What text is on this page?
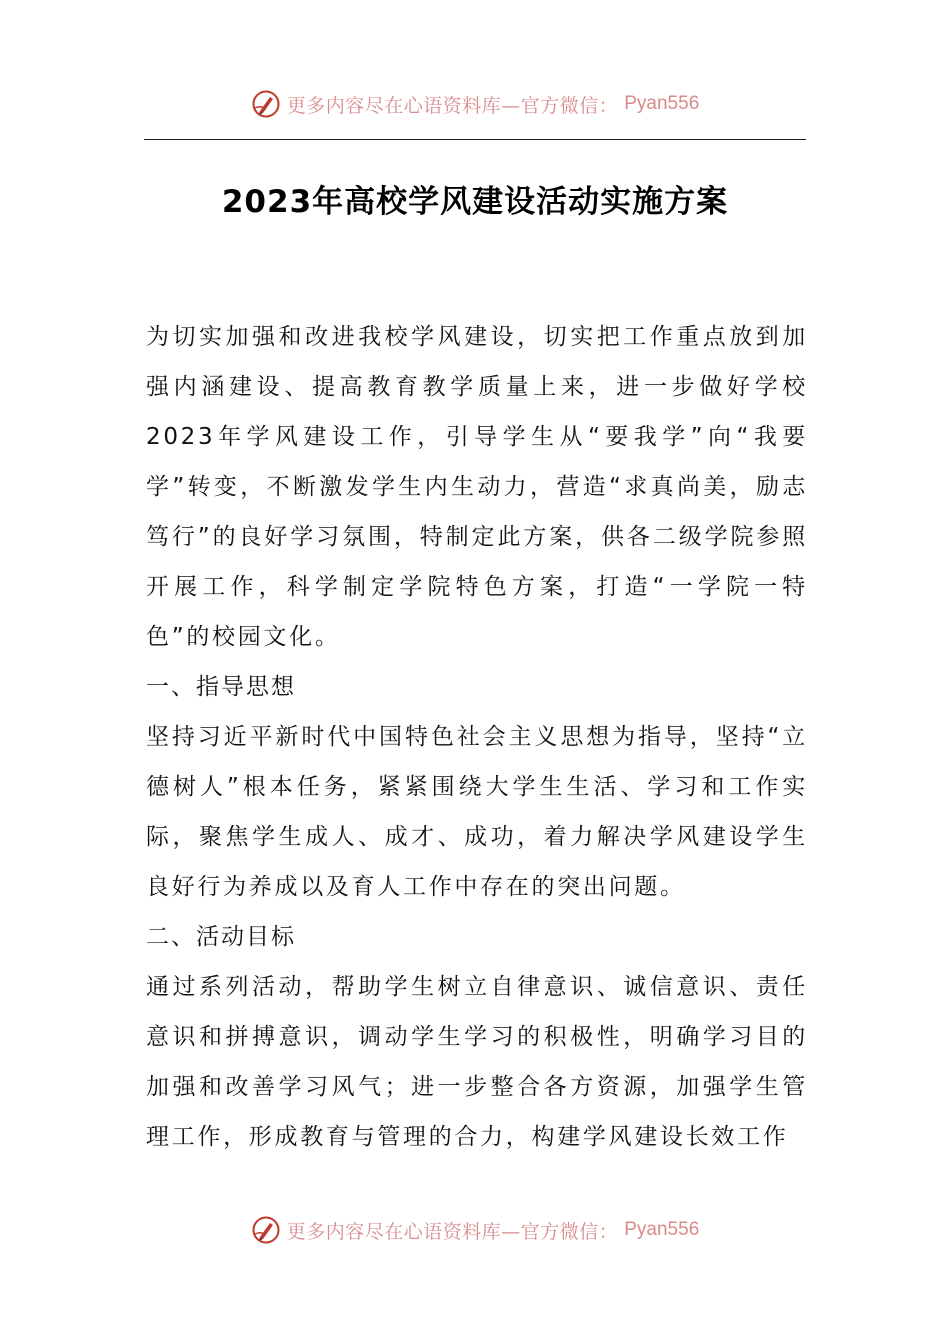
更多内容尽在心语资料库—官方微信： Pyan556
2023年高校学风建设活动实施方案

为切实加强和改进我校学风建设，切实把工作重点放到加强内涵建设、提高教育教学质量上来，进一步做好学校2023年学风建设工作，引导学生从“要我学”向“我要学”转变，不断激发学生内生动力，营造“求真尚美，励志笃行”的良好学习氛围，特制定此方案，供各二级学院参照开展工作，科学制定学院特色方案，打造“一学院一特色”的校园文化。

一、指导思想

坚持习近平新时代中国特色社会主义思想为指导，坚持“立德树人”根本任务，紧紧围绕大学生生活、学习和工作实际，聚焦学生成人、成才、成功，着力解决学风建设学生良好行为养成以及育人工作中存在的突出问题。

二、活动目标

通过系列活动，帮助学生树立自律意识、诚信意识、责任意识和拼搏意识，调动学生学习的积极性，明确学习目的加强和改善学习风气；进一步整合各方资源，加强学生管理工作，形成教育与管理的合力，构建学风建设长效工作

更多内容尽在心语资料库—官方微信： Pyan556
